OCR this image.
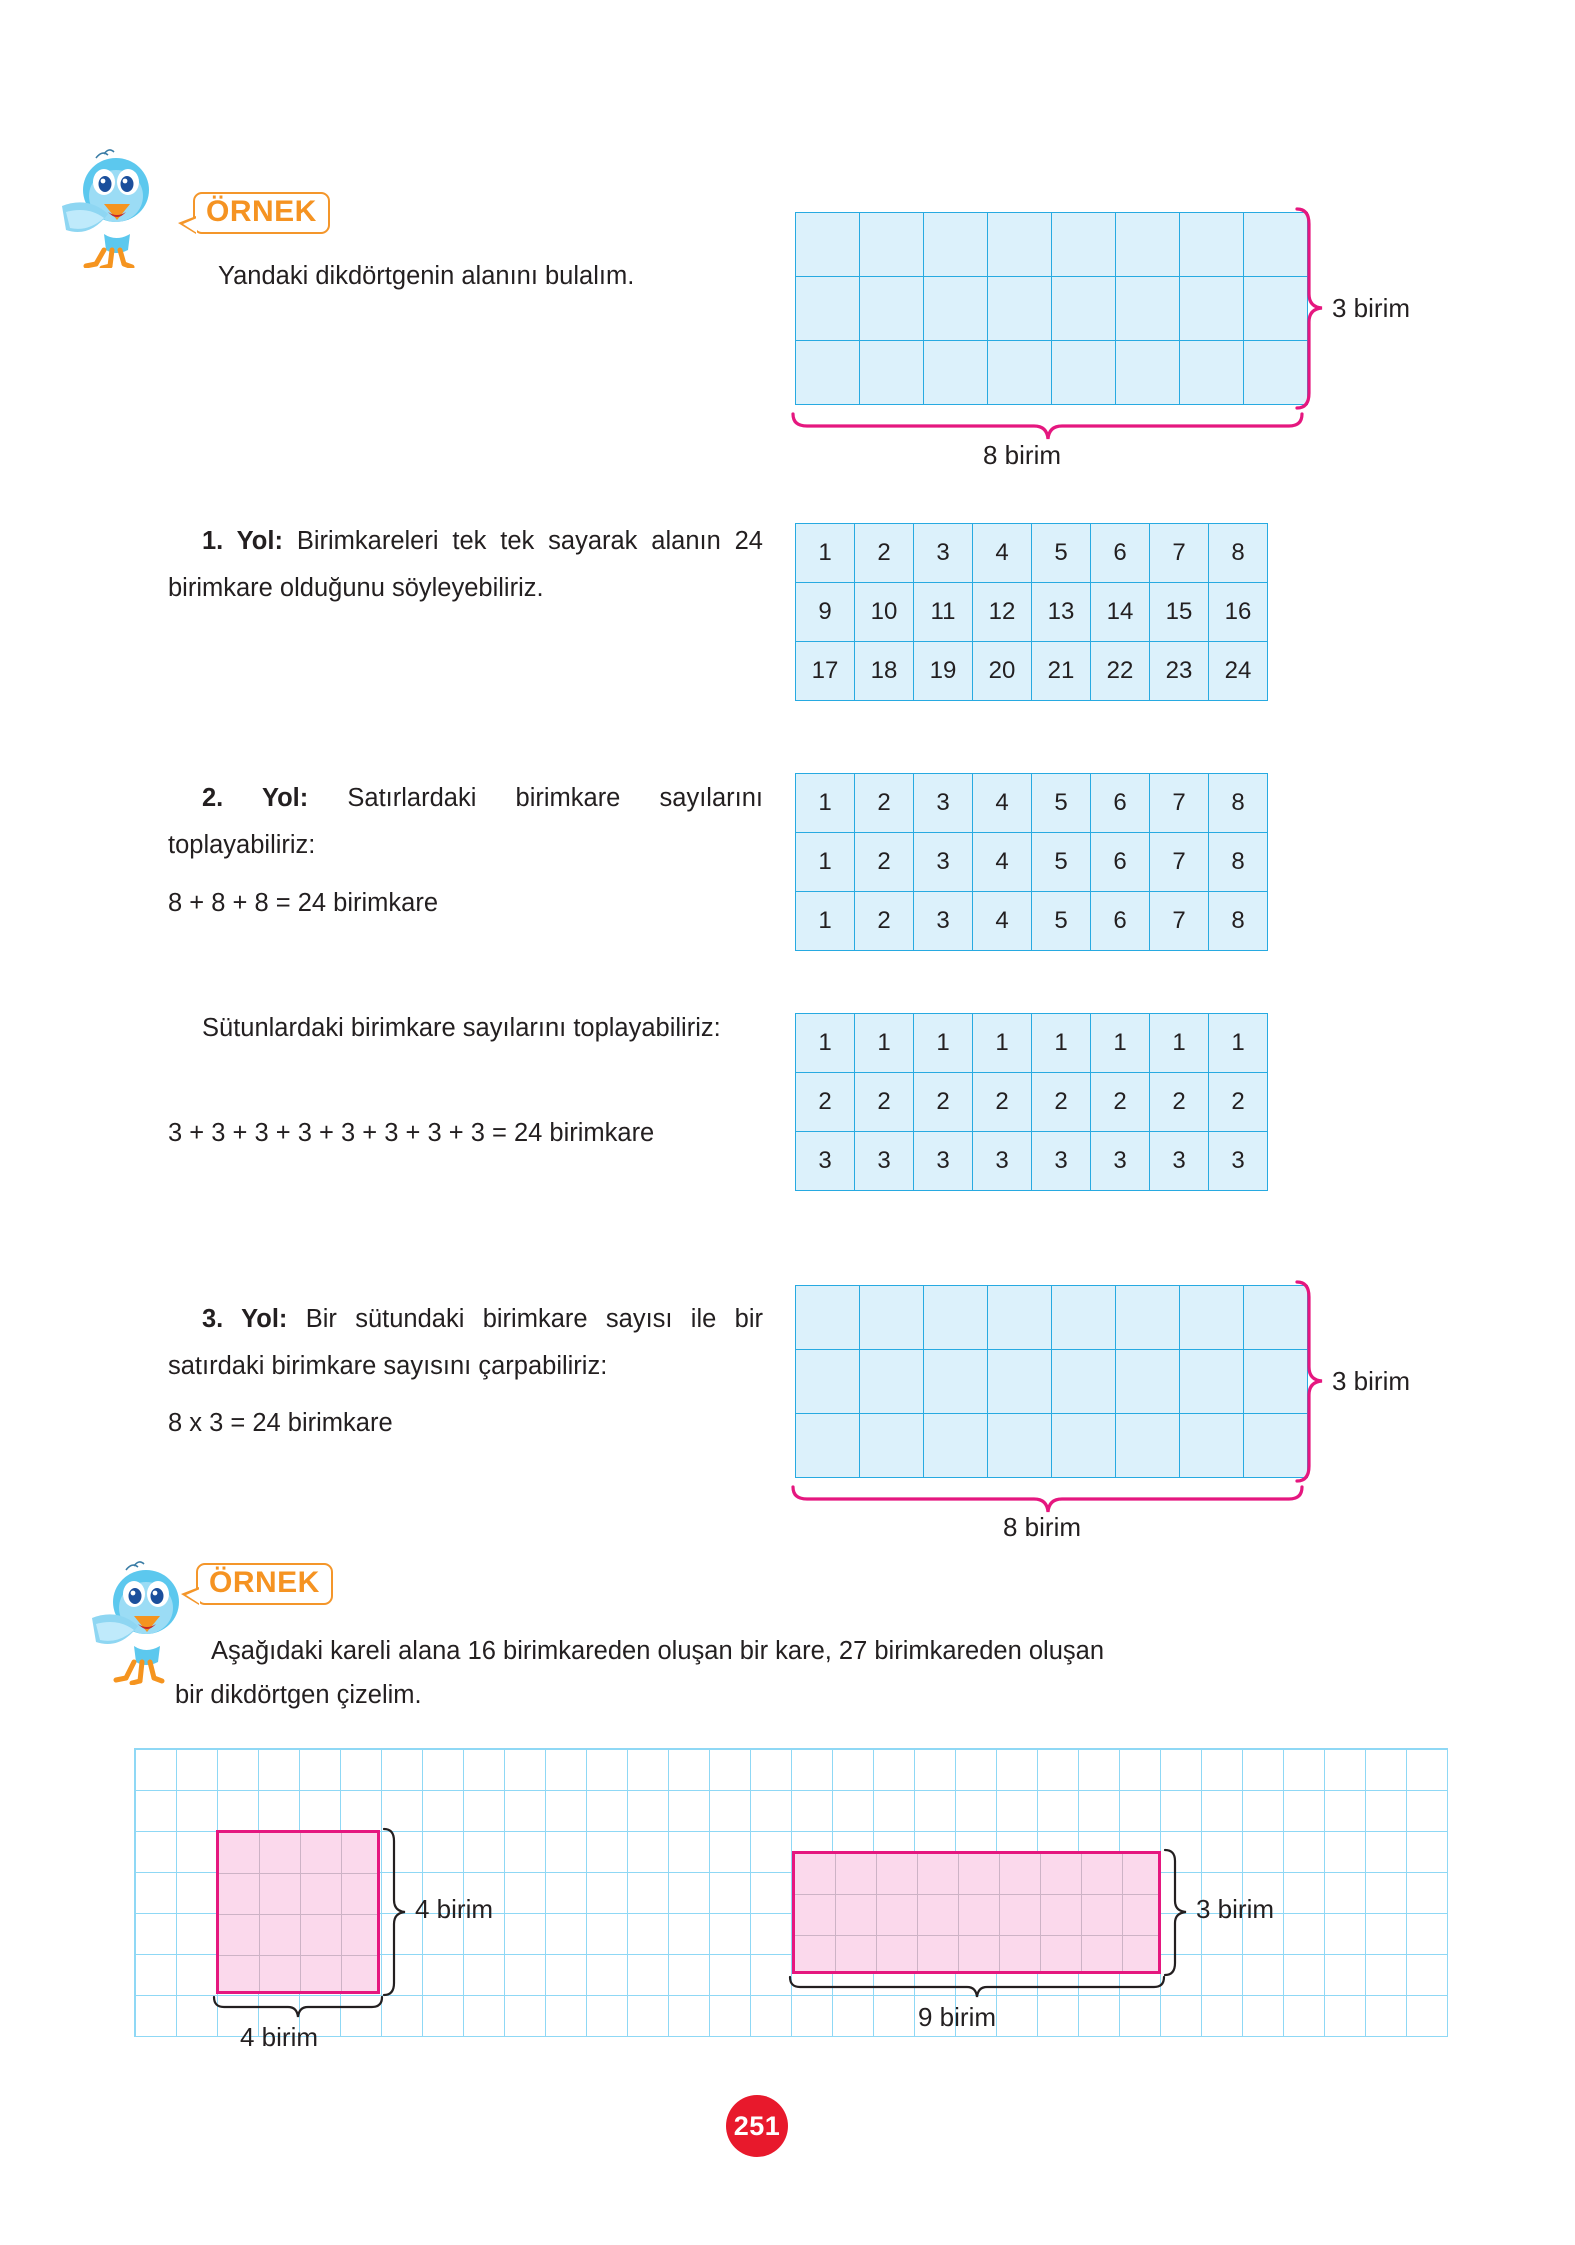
ÖRNEK
Yandaki dikdörtgenin alanını bulalım.

3 birim
8 birim
1. Yol: Birimkareleri tek tek sayarak alanın 24 birimkare olduğunu söyleyebiliriz.
1	2	3	4	5	6	7	8
9	10	11	12	13	14	15	16
17	18	19	20	21	22	23	24
2. Yol: Satırlardaki birimkare sayılarını toplayabiliriz:
8 + 8 + 8 = 24 birimkare
1	2	3	4	5	6	7	8
1	2	3	4	5	6	7	8
1	2	3	4	5	6	7	8
Sütunlardaki birimkare sayılarını toplayabiliriz:
3 + 3 + 3 + 3 + 3 + 3 + 3 + 3 = 24 birimkare
1	1	1	1	1	1	1	1
2	2	2	2	2	2	2	2
3	3	3	3	3	3	3	3
3. Yol: Bir sütundaki birimkare sayısı ile bir satırdaki birimkare sayısını çarpabiliriz:
8 x 3 = 24 birimkare

3 birim
8 birim
ÖRNEK
Aşağıdaki kareli alana 16 birimkareden oluşan bir kare, 27 birimkareden oluşan
bir dikdörtgen çizelim.
4 birim
4 birim
3 birim
9 birim
251
